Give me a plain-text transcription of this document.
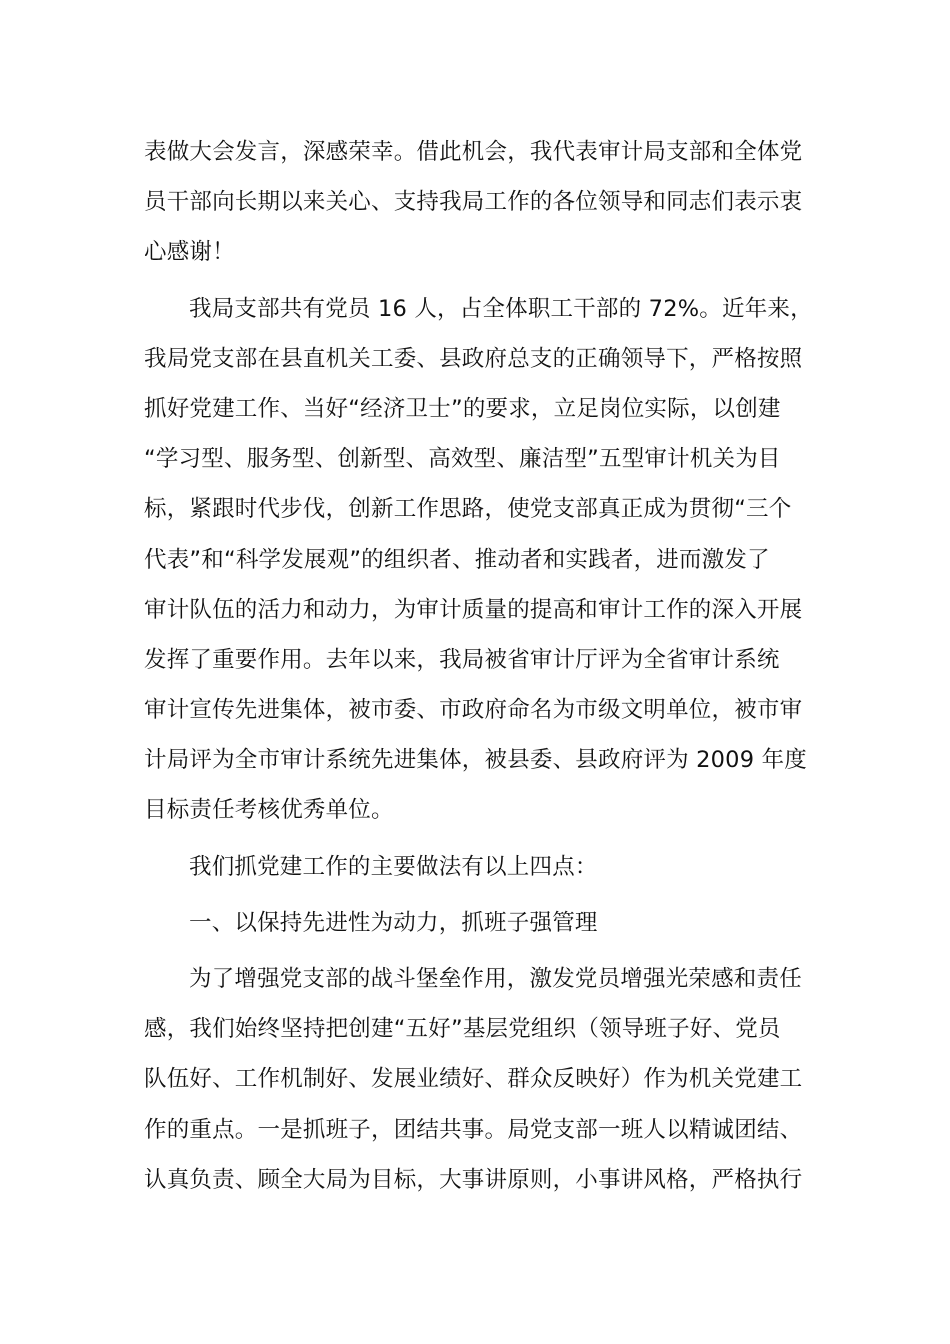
表做大会发言，深感荣幸。借此机会，我代表审计局支部和全体党
员干部向长期以来关心、支持我局工作的各位领导和同志们表示衷
心感谢！
我局支部共有党员 16 人，占全体职工干部的 72%。近年来，
我局党支部在县直机关工委、县政府总支的正确领导下，严格按照
抓好党建工作、当好“经济卫士”的要求，立足岗位实际，以创建
“学习型、服务型、创新型、高效型、廉洁型”五型审计机关为目
标，紧跟时代步伐，创新工作思路，使党支部真正成为贯彻“三个
代表”和“科学发展观”的组织者、推动者和实践者，进而激发了
审计队伍的活力和动力，为审计质量的提高和审计工作的深入开展
发挥了重要作用。去年以来，我局被省审计厅评为全省审计系统
审计宣传先进集体，被市委、市政府命名为市级文明单位，被市审
计局评为全市审计系统先进集体，被县委、县政府评为 2009 年度
目标责任考核优秀单位。
我们抓党建工作的主要做法有以上四点：
一、以保持先进性为动力，抓班子强管理
为了增强党支部的战斗堡垒作用，激发党员增强光荣感和责任
感，我们始终坚持把创建“五好”基层党组织（领导班子好、党员
队伍好、工作机制好、发展业绩好、群众反映好）作为机关党建工
作的重点。一是抓班子，团结共事。局党支部一班人以精诚团结、
认真负责、顾全大局为目标，大事讲原则，小事讲风格，严格执行
